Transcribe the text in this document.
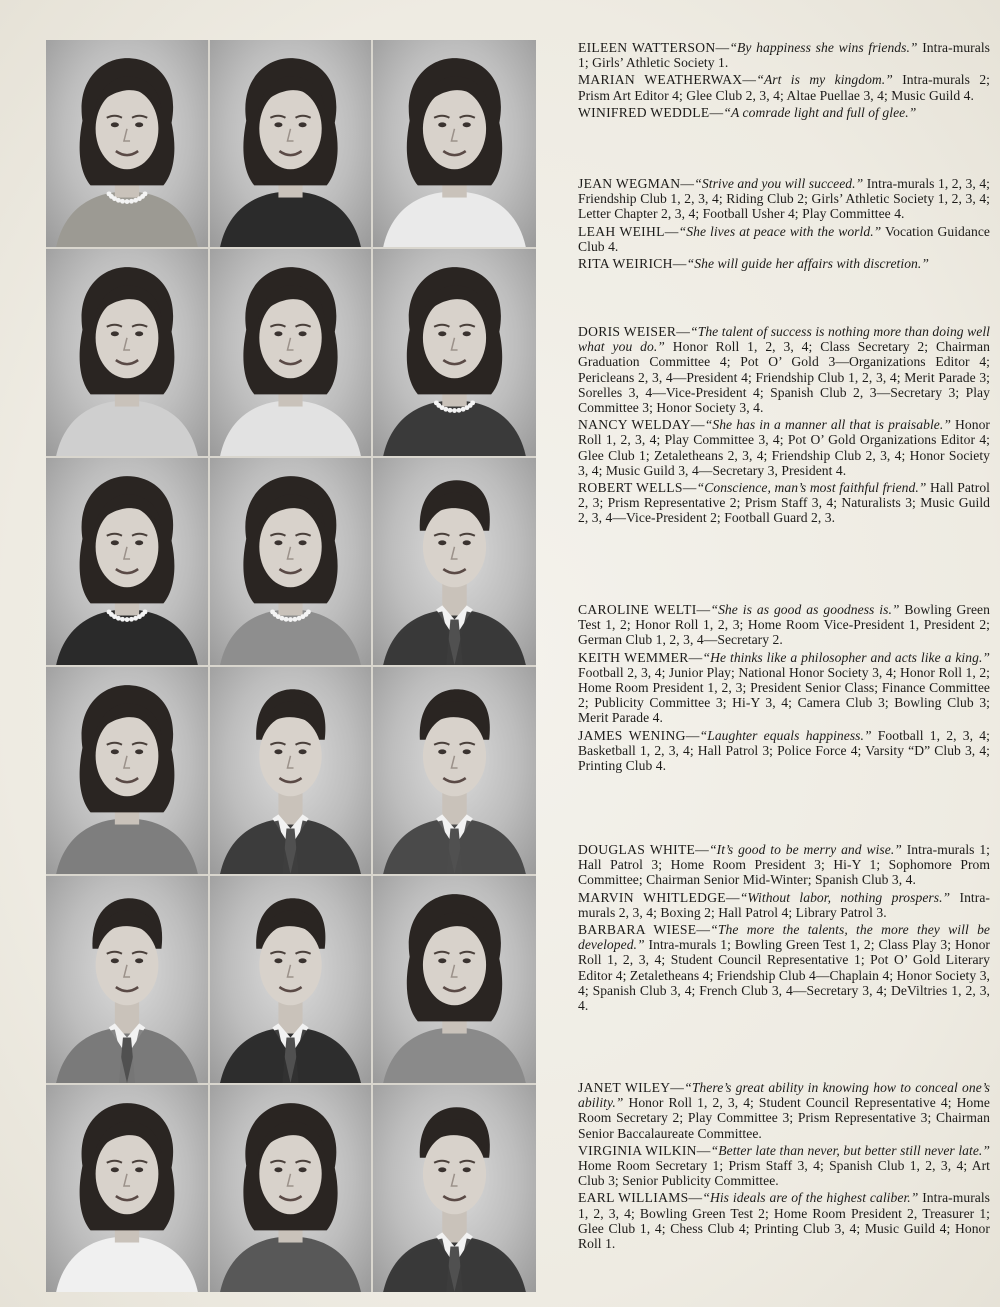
EILEEN WATTERSON—“By happiness she wins friends.” Intra-murals 1; Girls’ Athletic Society 1.
MARIAN WEATHERWAX—“Art is my kingdom.” Intra-murals 2; Prism Art Editor 4; Glee Club 2, 3, 4; Altae Puellae 3, 4; Music Guild 4.
WINIFRED WEDDLE—“A comrade light and full of glee.”
JEAN WEGMAN—“Strive and you will succeed.” Intra-murals 1, 2, 3, 4; Friendship Club 1, 2, 3, 4; Riding Club 2; Girls’ Athletic Society 1, 2, 3, 4; Letter Chapter 2, 3, 4; Football Usher 4; Play Committee 4.
LEAH WEIHL—“She lives at peace with the world.” Vocation Guidance Club 4.
RITA WEIRICH—“She will guide her affairs with discretion.”
DORIS WEISER—“The talent of success is nothing more than doing well what you do.” Honor Roll 1, 2, 3, 4; Class Secretary 2; Chairman Graduation Committee 4; Pot O’ Gold 3—Organizations Editor 4; Pericleans 2, 3, 4—President 4; Friendship Club 1, 2, 3, 4; Merit Parade 3; Sorelles 3, 4—Vice-President 4; Spanish Club 2, 3—Secretary 3; Play Committee 3; Honor Society 3, 4.
NANCY WELDAY—“She has in a manner all that is praisable.” Honor Roll 1, 2, 3, 4; Play Committee 3, 4; Pot O’ Gold Organizations Editor 4; Glee Club 1; Zetaletheans 2, 3, 4; Friendship Club 2, 3, 4; Honor Society 3, 4; Music Guild 3, 4—Secretary 3, President 4.
ROBERT WELLS—“Conscience, man’s most faithful friend.” Hall Patrol 2, 3; Prism Representative 2; Prism Staff 3, 4; Naturalists 3; Music Guild 2, 3, 4—Vice-President 2; Football Guard 2, 3.
CAROLINE WELTI—“She is as good as goodness is.” Bowling Green Test 1, 2; Honor Roll 1, 2, 3; Home Room Vice-President 1, President 2; German Club 1, 2, 3, 4—Secretary 2.
KEITH WEMMER—“He thinks like a philosopher and acts like a king.” Football 2, 3, 4; Junior Play; National Honor Society 3, 4; Honor Roll 1, 2; Home Room President 1, 2, 3; President Senior Class; Finance Committee 2; Publicity Committee 3; Hi-Y 3, 4; Camera Club 3; Bowling Club 3; Merit Parade 4.
JAMES WENING—“Laughter equals happiness.” Football 1, 2, 3, 4; Basketball 1, 2, 3, 4; Hall Patrol 3; Police Force 4; Varsity “D” Club 3, 4; Printing Club 4.
DOUGLAS WHITE—“It’s good to be merry and wise.” Intra-murals 1; Hall Patrol 3; Home Room President 3; Hi-Y 1; Sophomore Prom Committee; Chairman Senior Mid-Winter; Spanish Club 3, 4.
MARVIN WHITLEDGE—“Without labor, nothing prospers.” Intra-murals 2, 3, 4; Boxing 2; Hall Patrol 4; Library Patrol 3.
BARBARA WIESE—“The more the talents, the more they will be developed.” Intra-murals 1; Bowling Green Test 1, 2; Class Play 3; Honor Roll 1, 2, 3, 4; Student Council Representative 1; Pot O’ Gold Literary Editor 4; Zetaletheans 4; Friendship Club 4—Chaplain 4; Honor Society 3, 4; Spanish Club 3, 4; French Club 3, 4—Secretary 3, 4; DeViltries 1, 2, 3, 4.
JANET WILEY—“There’s great ability in knowing how to conceal one’s ability.” Honor Roll 1, 2, 3, 4; Student Council Representative 4; Home Room Secretary 2; Play Committee 3; Prism Representative 3; Chairman Senior Baccalaureate Committee.
VIRGINIA WILKIN—“Better late than never, but better still never late.” Home Room Secretary 1; Prism Staff 3, 4; Spanish Club 1, 2, 3, 4; Art Club 3; Senior Publicity Committee.
EARL WILLIAMS—“His ideals are of the highest caliber.” Intra-murals 1, 2, 3, 4; Bowling Green Test 2; Home Room President 2, Treasurer 1; Glee Club 1, 4; Chess Club 4; Printing Club 3, 4; Music Guild 4; Honor Roll 1.
